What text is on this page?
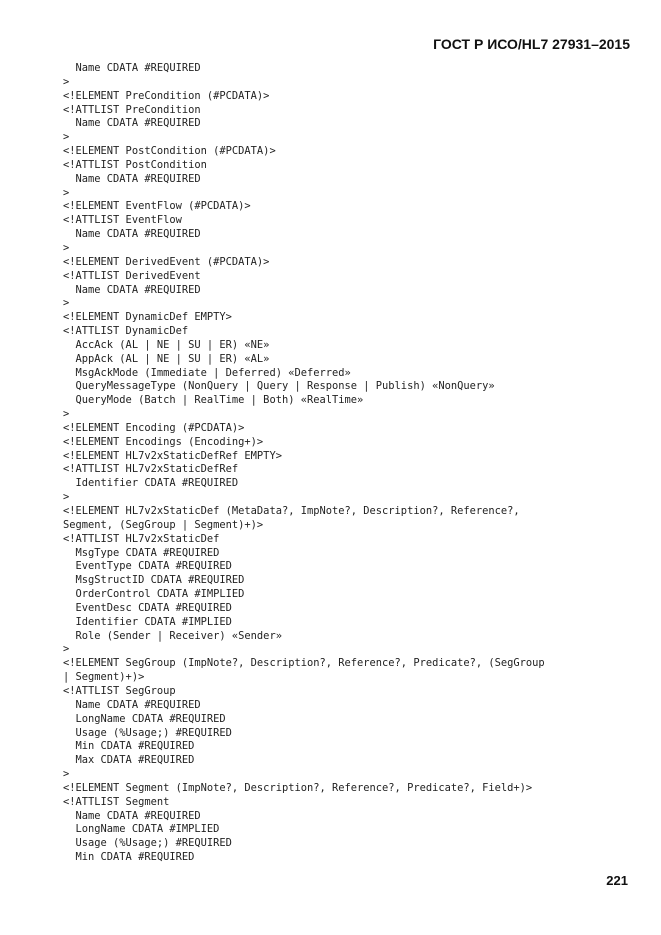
ГОСТ Р ИСО/HL7 27931–2015
Name CDATA #REQUIRED
>
<!ELEMENT PreCondition (#PCDATA)>
<!ATTLIST PreCondition
Name CDATA #REQUIRED
>
<!ELEMENT PostCondition (#PCDATA)>
<!ATTLIST PostCondition
Name CDATA #REQUIRED
>
<!ELEMENT EventFlow (#PCDATA)>
<!ATTLIST EventFlow
Name CDATA #REQUIRED
>
<!ELEMENT DerivedEvent (#PCDATA)>
<!ATTLIST DerivedEvent
Name CDATA #REQUIRED
>
<!ELEMENT DynamicDef EMPTY>
<!ATTLIST DynamicDef
AccAck (AL | NE | SU | ER) «NE»
AppAck (AL | NE | SU | ER) «AL»
MsgAckMode (Immediate | Deferred) «Deferred»
QueryMessageType (NonQuery | Query | Response | Publish) «NonQuery»
QueryMode (Batch | RealTime | Both) «RealTime»
>
<!ELEMENT Encoding (#PCDATA)>
<!ELEMENT Encodings (Encoding+)>
<!ELEMENT HL7v2xStaticDefRef EMPTY>
<!ATTLIST HL7v2xStaticDefRef
Identifier CDATA #REQUIRED
>
<!ELEMENT HL7v2xStaticDef (MetaData?, ImpNote?, Description?, Reference?,
Segment, (SegGroup | Segment)+)>
<!ATTLIST HL7v2xStaticDef
MsgType CDATA #REQUIRED
EventType CDATA #REQUIRED
MsgStructID CDATA #REQUIRED
OrderControl CDATA #IMPLIED
EventDesc CDATA #REQUIRED
Identifier CDATA #IMPLIED
Role (Sender | Receiver) «Sender»
>
<!ELEMENT SegGroup (ImpNote?, Description?, Reference?, Predicate?, (SegGroup
| Segment)+)>
<!ATTLIST SegGroup
Name CDATA #REQUIRED
LongName CDATA #REQUIRED
Usage (%Usage;) #REQUIRED
Min CDATA #REQUIRED
Max CDATA #REQUIRED
>
<!ELEMENT Segment (ImpNote?, Description?, Reference?, Predicate?, Field+)>
<!ATTLIST Segment
Name CDATA #REQUIRED
LongName CDATA #IMPLIED
Usage (%Usage;) #REQUIRED
Min CDATA #REQUIRED
221
